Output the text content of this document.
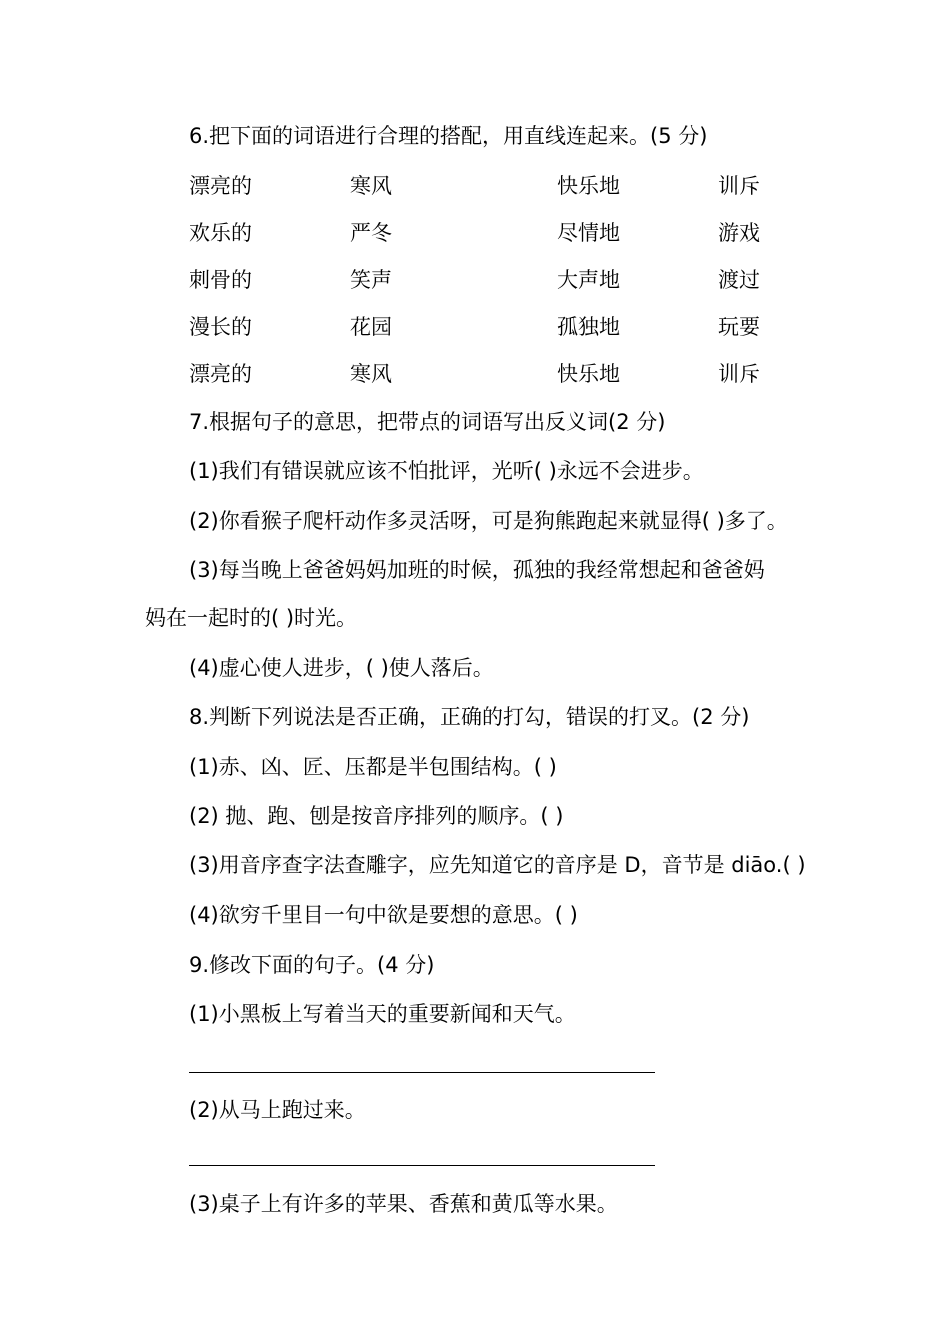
6.把下面的词语进行合理的搭配，用直线连起来。(5 分)
漂亮的	寒风	快乐地	训斥
欢乐的	严冬	尽情地	游戏
刺骨的	笑声	大声地	渡过
漫长的	花园	孤独地	玩要
漂亮的	寒风	快乐地	训斥
7.根据句子的意思，把带点的词语写出反义词(2 分)
(1)我们有错误就应该不怕批评，光听( )永远不会进步。
(2)你看猴子爬杆动作多灵活呀，可是狗熊跑起来就显得( )多了。
(3)每当晚上爸爸妈妈加班的时候，孤独的我经常想起和爸爸妈
妈在一起时的( )时光。
(4)虚心使人进步，( )使人落后。
8.判断下列说法是否正确，正确的打勾，错误的打叉。(2 分)
(1)赤、凶、匠、压都是半包围结构。( )
(2) 抛、跑、刨是按音序排列的顺序。( )
(3)用音序查字法查雕字，应先知道它的音序是 D，音节是 diāo.( )
(4)欲穷千里目一句中欲是要想的意思。( )
9.修改下面的句子。(4 分)
(1)小黑板上写着当天的重要新闻和天气。
(2)从马上跑过来。
(3)桌子上有许多的苹果、香蕉和黄瓜等水果。
